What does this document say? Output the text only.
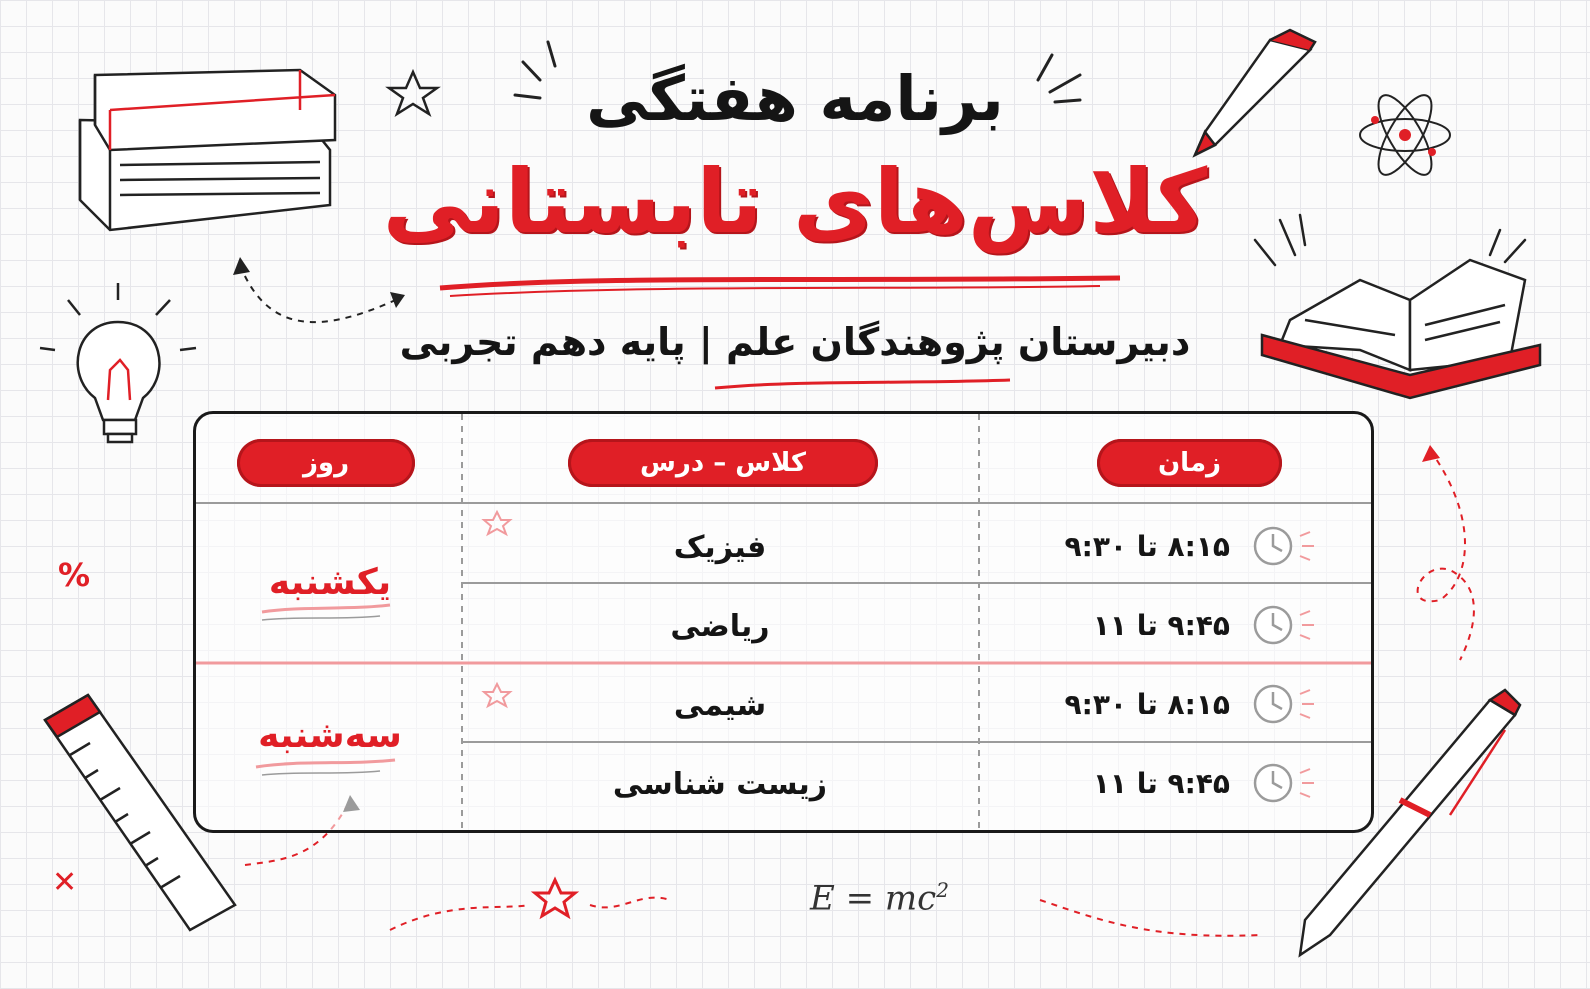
برنامه هفتگی
کلاس‌های تابستانی
دبیرستان پژوهندگان علم | پایه دهم تجربی
زمان
کلاس – درس
روز
یکشنبه
سه‌شنبه
فیزیک
ریاضی
شیمی
زیست شناسی
۸:۱۵ تا ۹:۳۰
۹:۴۵ تا ۱۱
۸:۱۵ تا ۹:۳۰
۹:۴۵ تا ۱۱
$E = mc^2$
%
✕
